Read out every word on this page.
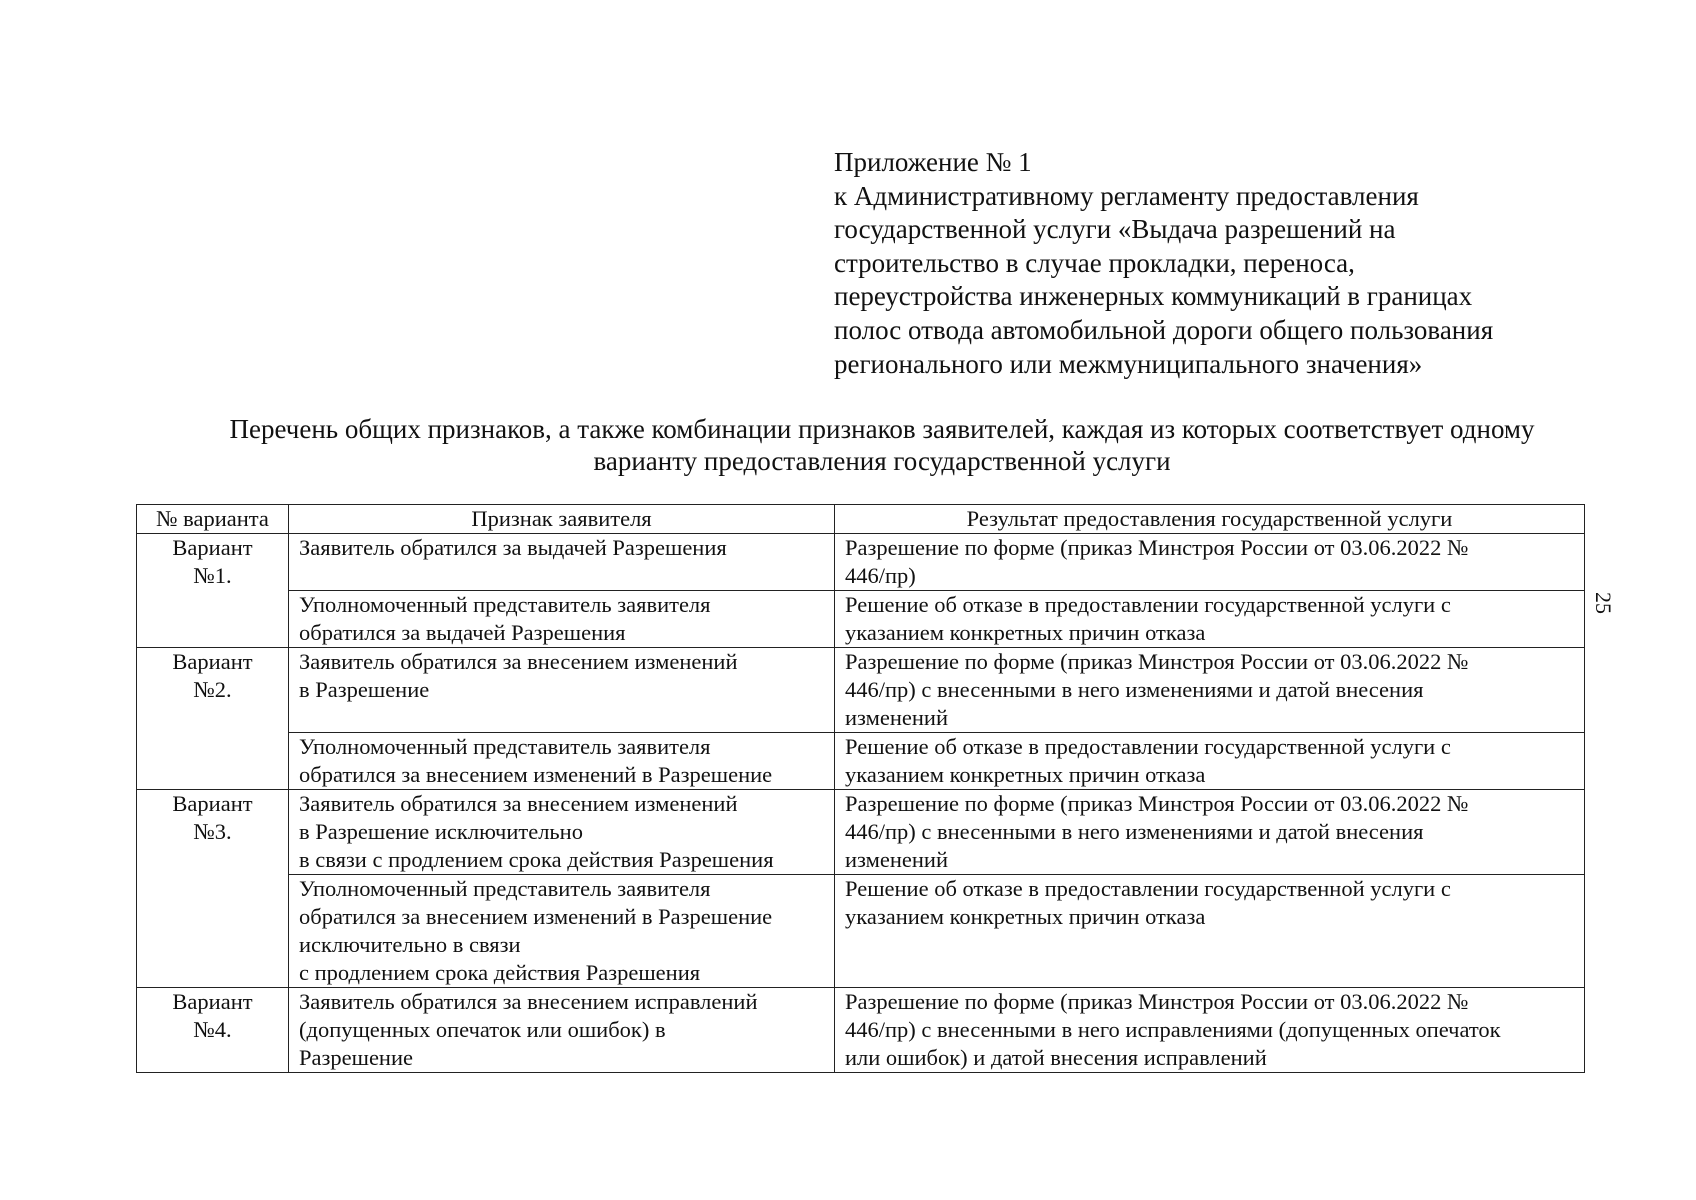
Приложение № 1
к Административному регламенту предоставления
государственной услуги «Выдача разрешений на
строительство в случае прокладки, переноса,
переустройства инженерных коммуникаций в границах
полос отвода автомобильной дороги общего пользования
регионального или межмуниципального значения»
Перечень общих признаков, а также комбинации признаков заявителей, каждая из которых соответствует одному
варианту предоставления государственной услуги
25
№ варианта	Признак заявителя	Результат предоставления государственной услуги

Вариант
№1.	Заявитель обратился за выдачей Разрешения	Разрешение по форме (приказ Минстроя России от 03.06.2022 №
446/пр)

	Уполномоченный представитель заявителя
обратился за выдачей Разрешения	Решение об отказе в предоставлении государственной услуги с
указанием конкретных причин отказа

Вариант
№2.	Заявитель обратился за внесением изменений
в Разрешение	Разрешение по форме (приказ Минстроя России от 03.06.2022 №
446/пр) с внесенными в него изменениями и датой внесения
изменений

	Уполномоченный представитель заявителя
обратился за внесением изменений в Разрешение	Решение об отказе в предоставлении государственной услуги с
указанием конкретных причин отказа

Вариант
№3.	Заявитель обратился за внесением изменений
в Разрешение исключительно
в связи с продлением срока действия Разрешения	Разрешение по форме (приказ Минстроя России от 03.06.2022 №
446/пр) с внесенными в него изменениями и датой внесения
изменений

	Уполномоченный представитель заявителя
обратился за внесением изменений в Разрешение
исключительно в связи
с продлением срока действия Разрешения	Решение об отказе в предоставлении государственной услуги с
указанием конкретных причин отказа

Вариант
№4.	Заявитель обратился за внесением исправлений
(допущенных опечаток или ошибок) в
Разрешение	Разрешение по форме (приказ Минстроя России от 03.06.2022 №
446/пр) с внесенными в него исправлениями (допущенных опечаток
или ошибок) и датой внесения исправлений
